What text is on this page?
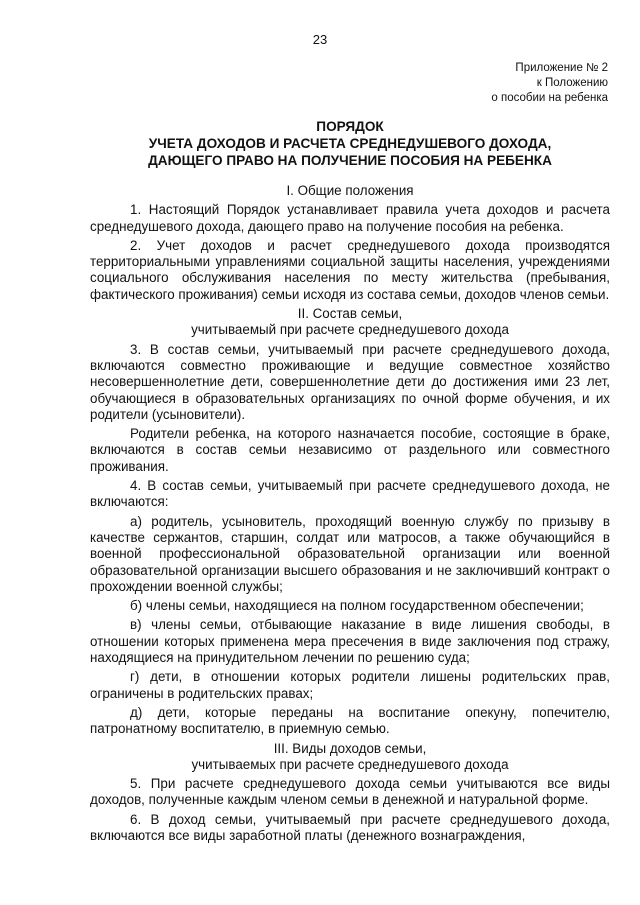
23
Приложение № 2
к Положению
о пособии на ребенка
ПОРЯДОК
УЧЕТА ДОХОДОВ И РАСЧЕТА СРЕДНЕДУШЕВОГО ДОХОДА,
ДАЮЩЕГО ПРАВО НА ПОЛУЧЕНИЕ ПОСОБИЯ НА РЕБЕНКА
I. Общие положения

1. Настоящий Порядок устанавливает правила учета доходов и расчета среднедушевого дохода, дающего право на получение пособия на ребенка.

2. Учет доходов и расчет среднедушевого дохода производятся территориальными управлениями социальной защиты населения, учреждениями социального обслуживания населения по месту жительства (пребывания, фактического проживания) семьи исходя из состава семьи, доходов членов семьи.

II. Состав семьи,
учитываемый при расчете среднедушевого дохода

3. В состав семьи, учитываемый при расчете среднедушевого дохода, включаются совместно проживающие и ведущие совместное хозяйство несовершеннолетние дети, совершеннолетние дети до достижения ими 23 лет, обучающиеся в образовательных организациях по очной форме обучения, и их родители (усыновители).

Родители ребенка, на которого назначается пособие, состоящие в браке, включаются в состав семьи независимо от раздельного или совместного проживания.

4. В состав семьи, учитываемый при расчете среднедушевого дохода, не включаются:

а) родитель, усыновитель, проходящий военную службу по призыву в качестве сержантов, старшин, солдат или матросов, а также обучающийся в военной профессиональной образовательной организации или военной образовательной организации высшего образования и не заключивший контракт о прохождении военной службы;

б) члены семьи, находящиеся на полном государственном обеспечении;

в) члены семьи, отбывающие наказание в виде лишения свободы, в отношении которых применена мера пресечения в виде заключения под стражу, находящиеся на принудительном лечении по решению суда;

г) дети, в отношении которых родители лишены родительских прав, ограничены в родительских правах;

д) дети, которые переданы на воспитание опекуну, попечителю, патронатному воспитателю, в приемную семью.

III. Виды доходов семьи,
учитываемых при расчете среднедушевого дохода

5. При расчете среднедушевого дохода семьи учитываются все виды доходов, полученные каждым членом семьи в денежной и натуральной форме.

6. В доход семьи, учитываемый при расчете среднедушевого дохода, включаются все виды заработной платы (денежного вознаграждения,
